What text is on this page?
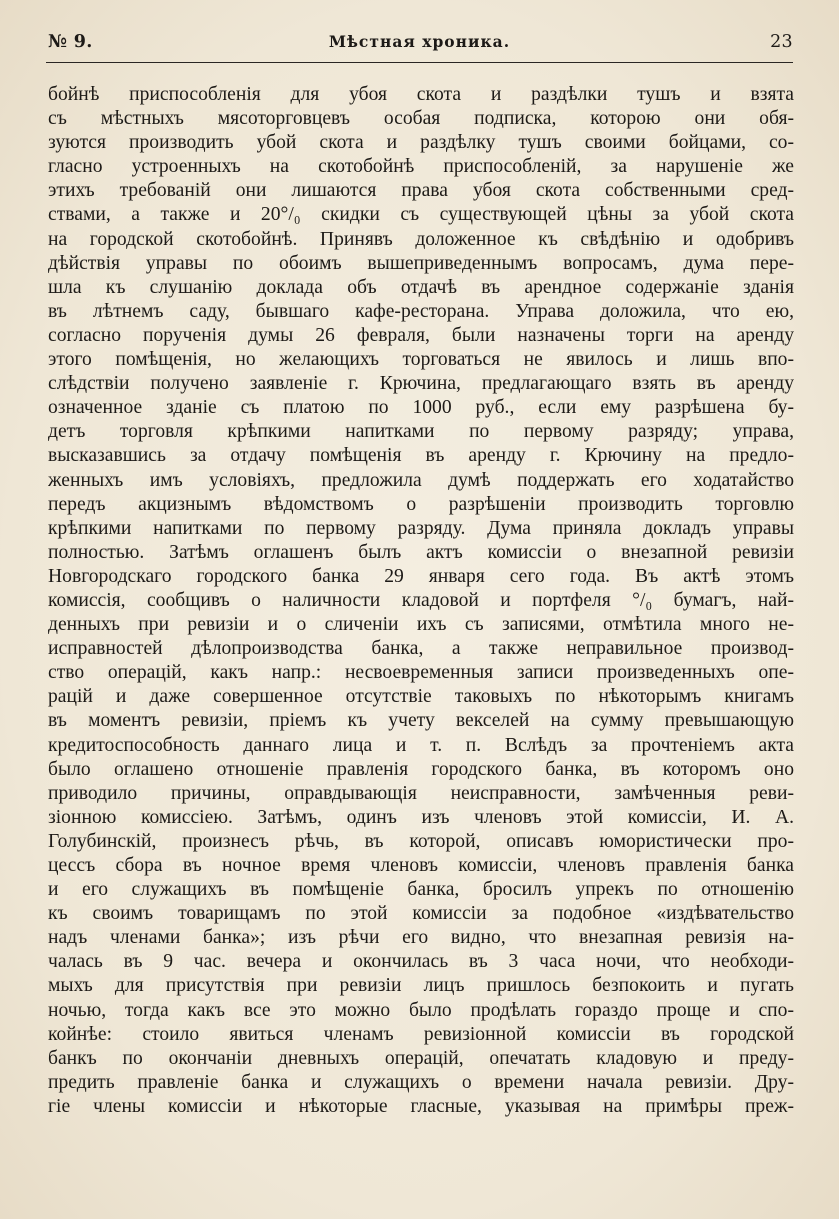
№ 9.	Мѣстная хроника.	23
бойнѣ приспособленія для убоя скота и раздѣлки тушъ и взята
съ мѣстныхъ мясоторговцевъ особая подписка, которою они обя-
зуются производить убой скота и раздѣлку тушъ своими бойцами, со-
гласно устроенныхъ на скотобойнѣ приспособленій, за нарушеніе же
этихъ требованій они лишаются права убоя скота собственными сред-
ствами, а также и 20°/₀ скидки съ существующей цѣны за убой скота
на городской скотобойнѣ. Принявъ доложенное къ свѣдѣнію и одобривъ
дѣйствія управы по обоимъ вышеприведеннымъ вопросамъ, дума пере-
шла къ слушанію доклада объ отдачѣ въ арендное содержаніе зданія
въ лѣтнемъ саду, бывшаго кафе-ресторана. Управа доложила, что ею,
согласно порученія думы 26 февраля, были назначены торги на аренду
этого помѣщенія, но желающихъ торговаться не явилось и лишь впо-
слѣдствіи получено заявленіе г. Крючина, предлагающаго взять въ аренду
означенное зданіе съ платою по 1000 руб., если ему разрѣшена бу-
детъ торговля крѣпкими напитками по первому разряду; управа,
высказавшись за отдачу помѣщенія въ аренду г. Крючину на предло-
женныхъ имъ условіяхъ, предложила думѣ поддержать его ходатайство
передъ акцизнымъ вѣдомствомъ о разрѣшеніи производить торговлю
крѣпкими напитками по первому разряду. Дума приняла докладъ управы
полностью. Затѣмъ оглашенъ былъ актъ комиссіи о внезапной ревизіи
Новгородскаго городского банка 29 января сего года. Въ актѣ этомъ
комиссія, сообщивъ о наличности кладовой и портфеля °/₀ бумагъ, най-
денныхъ при ревизіи и о сличеніи ихъ съ записями, отмѣтила много не-
исправностей дѣлопроизводства банка, а также неправильное производ-
ство операцій, какъ напр.: несвоевременныя записи произведенныхъ опе-
рацій и даже совершенное отсутствіе таковыхъ по нѣкоторымъ книгамъ
въ моментъ ревизіи, пріемъ къ учету векселей на сумму превышающую
кредитоспособность даннаго лица и т. п. Вслѣдъ за прочтеніемъ акта
было оглашено отношеніе правленія городского банка, въ которомъ оно
приводило причины, оправдывающія неисправности, замѣченныя реви-
зіонною комиссіею. Затѣмъ, одинъ изъ членовъ этой комиссіи, И. А.
Голубинскій, произнесъ рѣчь, въ которой, описавъ юмористически про-
цессъ сбора въ ночное время членовъ комиссіи, членовъ правленія банка
и его служащихъ въ помѣщеніе банка, бросилъ упрекъ по отношенію
къ своимъ товарищамъ по этой комиссіи за подобное «издѣвательство
надъ членами банка»; изъ рѣчи его видно, что внезапная ревизія на-
чалась въ 9 час. вечера и окончилась въ 3 часа ночи, что необходи-
мыхъ для присутствія при ревизіи лицъ пришлось безпокоить и пугать
ночью, тогда какъ все это можно было продѣлать гораздо проще и спо-
койнѣе: стоило явиться членамъ ревизіонной комиссіи въ городской
банкъ по окончаніи дневныхъ операцій, опечатать кладовую и преду-
предить правленіе банка и служащихъ о времени начала ревизіи. Дру-
гіе члены комиссіи и нѣкоторые гласные, указывая на примѣры преж-
